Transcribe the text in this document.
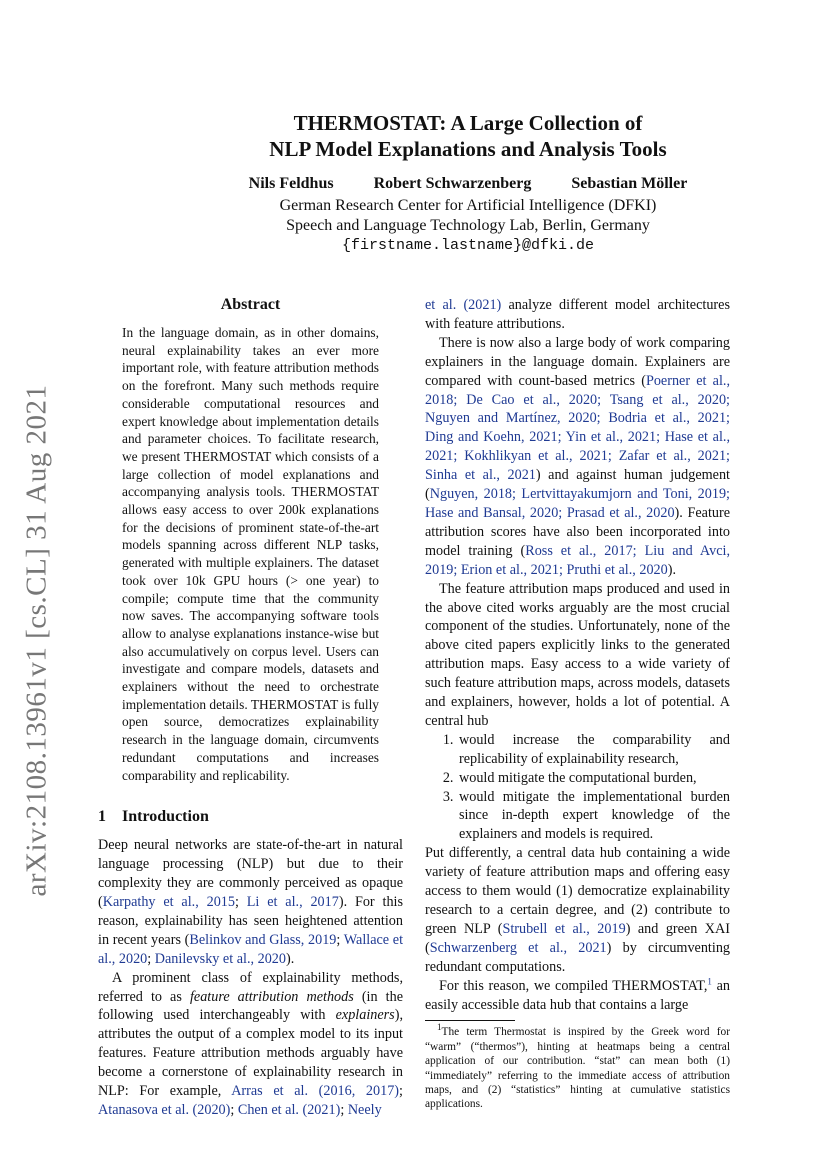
arXiv:2108.13961v1 [cs.CL] 31 Aug 2021
THERMOSTAT: A Large Collection of
NLP Model Explanations and Analysis Tools
Nils Feldhus	Robert Schwarzenberg	Sebastian Möller
German Research Center for Artificial Intelligence (DFKI)
Speech and Language Technology Lab, Berlin, Germany
{firstname.lastname}@dfki.de
Abstract

In the language domain, as in other domains, neural explainability takes an ever more important role, with feature attribution methods on the forefront. Many such methods require considerable computational resources and expert knowledge about implementation details and parameter choices. To facilitate research, we present THERMOSTAT which consists of a large collection of model explanations and accompanying analysis tools. THERMOSTAT allows easy access to over 200k explanations for the decisions of prominent state-of-the-art models spanning across different NLP tasks, generated with multiple explainers. The dataset took over 10k GPU hours (> one year) to compile; compute time that the community now saves. The accompanying software tools allow to analyse explanations instance-wise but also accumulatively on corpus level. Users can investigate and compare models, datasets and explainers without the need to orchestrate implementation details. THERMOSTAT is fully open source, democratizes explainability research in the language domain, circumvents redundant computations and increases comparability and replicability.

1 Introduction

Deep neural networks are state-of-the-art in natural language processing (NLP) but due to their complexity they are commonly perceived as opaque (Karpathy et al., 2015; Li et al., 2017). For this reason, explainability has seen heightened attention in recent years (Belinkov and Glass, 2019; Wallace et al., 2020; Danilevsky et al., 2020).

A prominent class of explainability methods, referred to as feature attribution methods (in the following used interchangeably with explainers), attributes the output of a complex model to its input features. Feature attribution methods arguably have become a cornerstone of explainability research in NLP: For example, Arras et al. (2016, 2017); Atanasova et al. (2020); Chen et al. (2021); Neely

et al. (2021) analyze different model architectures with feature attributions.

There is now also a large body of work comparing explainers in the language domain. Explainers are compared with count-based metrics (Poerner et al., 2018; De Cao et al., 2020; Tsang et al., 2020; Nguyen and Martínez, 2020; Bodria et al., 2021; Ding and Koehn, 2021; Yin et al., 2021; Hase et al., 2021; Kokhlikyan et al., 2021; Zafar et al., 2021; Sinha et al., 2021) and against human judgement (Nguyen, 2018; Lertvittayakumjorn and Toni, 2019; Hase and Bansal, 2020; Prasad et al., 2020). Feature attribution scores have also been incorporated into model training (Ross et al., 2017; Liu and Avci, 2019; Erion et al., 2021; Pruthi et al., 2020).

The feature attribution maps produced and used in the above cited works arguably are the most crucial component of the studies. Unfortunately, none of the above cited papers explicitly links to the generated attribution maps. Easy access to a wide variety of such feature attribution maps, across models, datasets and explainers, however, holds a lot of potential. A central hub

1. would increase the comparability and replicability of explainability research,
2. would mitigate the computational burden,
3. would mitigate the implementational burden since in-depth expert knowledge of the explainers and models is required.

Put differently, a central data hub containing a wide variety of feature attribution maps and offering easy access to them would (1) democratize explainability research to a certain degree, and (2) contribute to green NLP (Strubell et al., 2019) and green XAI (Schwarzenberg et al., 2021) by circumventing redundant computations.

For this reason, we compiled THERMOSTAT,$^1$ an easily accessible data hub that contains a large

$^1$The term Thermostat is inspired by the Greek word for “warm” (“thermos”), hinting at heatmaps being a central application of our contribution. “stat” can mean both (1) “immediately” referring to the immediate access of attribution maps, and (2) “statistics” hinting at cumulative statistics applications.
